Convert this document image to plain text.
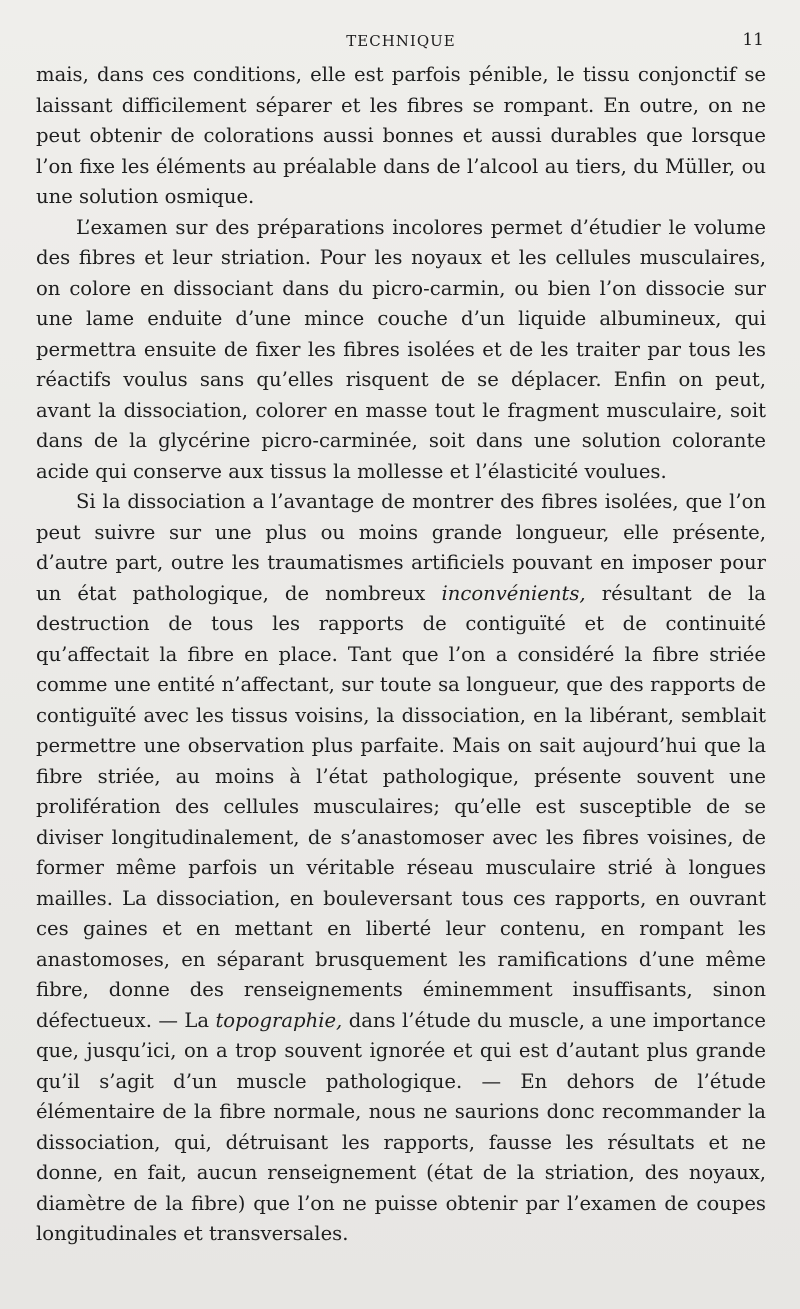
TECHNIQUE	11

mais, dans ces conditions, elle est parfois pénible, le tissu conjonctif se laissant difficilement séparer et les fibres se rompant. En outre, on ne peut obtenir de colorations aussi bonnes et aussi durables que lorsque l’on fixe les éléments au préalable dans de l’alcool au tiers, du Müller, ou une solution osmique.

L’examen sur des préparations incolores permet d’étudier le volume des fibres et leur striation. Pour les noyaux et les cellules musculaires, on colore en dissociant dans du picro-carmin, ou bien l’on dissocie sur une lame enduite d’une mince couche d’un liquide albumineux, qui permettra ensuite de fixer les fibres isolées et de les traiter par tous les réactifs voulus sans qu’elles risquent de se déplacer. Enfin on peut, avant la dissociation, colorer en masse tout le fragment musculaire, soit dans de la glycérine picro-carminée, soit dans une solution colorante acide qui conserve aux tissus la mollesse et l’élasticité voulues.

Si la dissociation a l’avantage de montrer des fibres isolées, que l’on peut suivre sur une plus ou moins grande longueur, elle présente, d’autre part, outre les traumatismes artificiels pouvant en imposer pour un état pathologique, de nombreux inconvénients, résultant de la destruction de tous les rapports de contiguïté et de continuité qu’affectait la fibre en place. Tant que l’on a considéré la fibre striée comme une entité n’affectant, sur toute sa longueur, que des rapports de contiguïté avec les tissus voisins, la dissociation, en la libérant, semblait permettre une observation plus parfaite. Mais on sait aujourd’hui que la fibre striée, au moins à l’état pathologique, présente souvent une prolifération des cellules musculaires; qu’elle est susceptible de se diviser longitudinalement, de s’anastomoser avec les fibres voisines, de former même parfois un véritable réseau musculaire strié à longues mailles. La dissociation, en bouleversant tous ces rapports, en ouvrant ces gaines et en mettant en liberté leur contenu, en rompant les anastomoses, en séparant brusquement les ramifications d’une même fibre, donne des renseignements éminemment insuffisants, sinon défectueux. — La topographie, dans l’étude du muscle, a une importance que, jusqu’ici, on a trop souvent ignorée et qui est d’autant plus grande qu’il s’agit d’un muscle pathologique. — En dehors de l’étude élémentaire de la fibre normale, nous ne saurions donc recommander la dissociation, qui, détruisant les rapports, fausse les résultats et ne donne, en fait, aucun renseignement (état de la striation, des noyaux, diamètre de la fibre) que l’on ne puisse obtenir par l’examen de coupes longitudinales et transversales.
